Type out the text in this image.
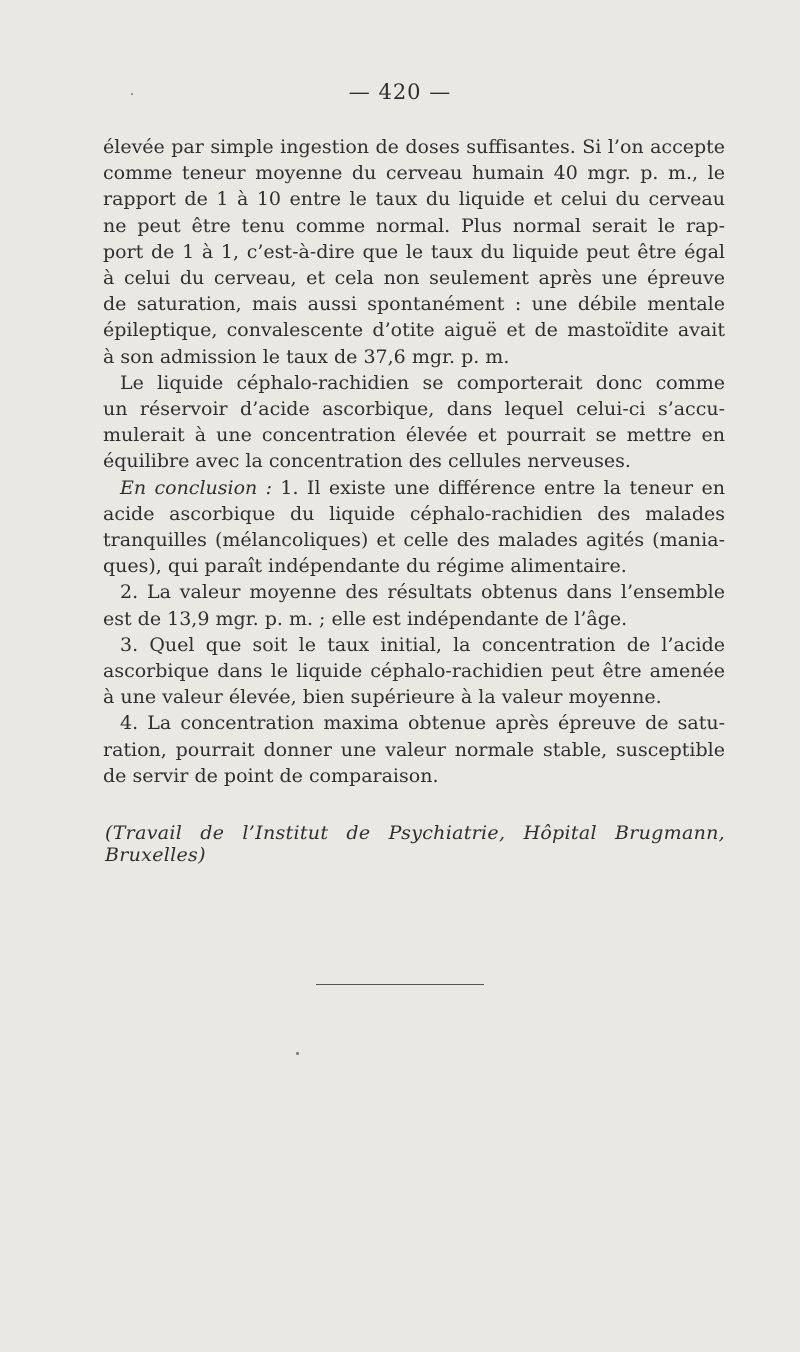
— 420 —

élevée par simple ingestion de doses suffisantes. Si l’on accepte

comme teneur moyenne du cerveau humain 40 mgr. p. m., le

rapport de 1 à 10 entre le taux du liquide et celui du cerveau

ne peut être tenu comme normal. Plus normal serait le rap-

port de 1 à 1, c’est-à-dire que le taux du liquide peut être égal

à celui du cerveau, et cela non seulement après une épreuve

de saturation, mais aussi spontanément : une débile mentale

épileptique, convalescente d’otite aiguë et de mastoïdite avait

à son admission le taux de 37,6 mgr. p. m.

Le liquide céphalo-rachidien se comporterait donc comme

un réservoir d’acide ascorbique, dans lequel celui-ci s’accu-

mulerait à une concentration élevée et pourrait se mettre en

équilibre avec la concentration des cellules nerveuses.

En conclusion : 1. Il existe une différence entre la teneur en

acide ascorbique du liquide céphalo-rachidien des malades

tranquilles (mélancoliques) et celle des malades agités (mania-

ques), qui paraît indépendante du régime alimentaire.

2. La valeur moyenne des résultats obtenus dans l’ensemble

est de 13,9 mgr. p. m. ; elle est indépendante de l’âge.

3. Quel que soit le taux initial, la concentration de l’acide

ascorbique dans le liquide céphalo-rachidien peut être amenée

à une valeur élevée, bien supérieure à la valeur moyenne.

4. La concentration maxima obtenue après épreuve de satu-

ration, pourrait donner une valeur normale stable, susceptible

de servir de point de comparaison.

(Travail de l’Institut de Psychiatrie, Hôpital Brugmann, Bruxelles)
